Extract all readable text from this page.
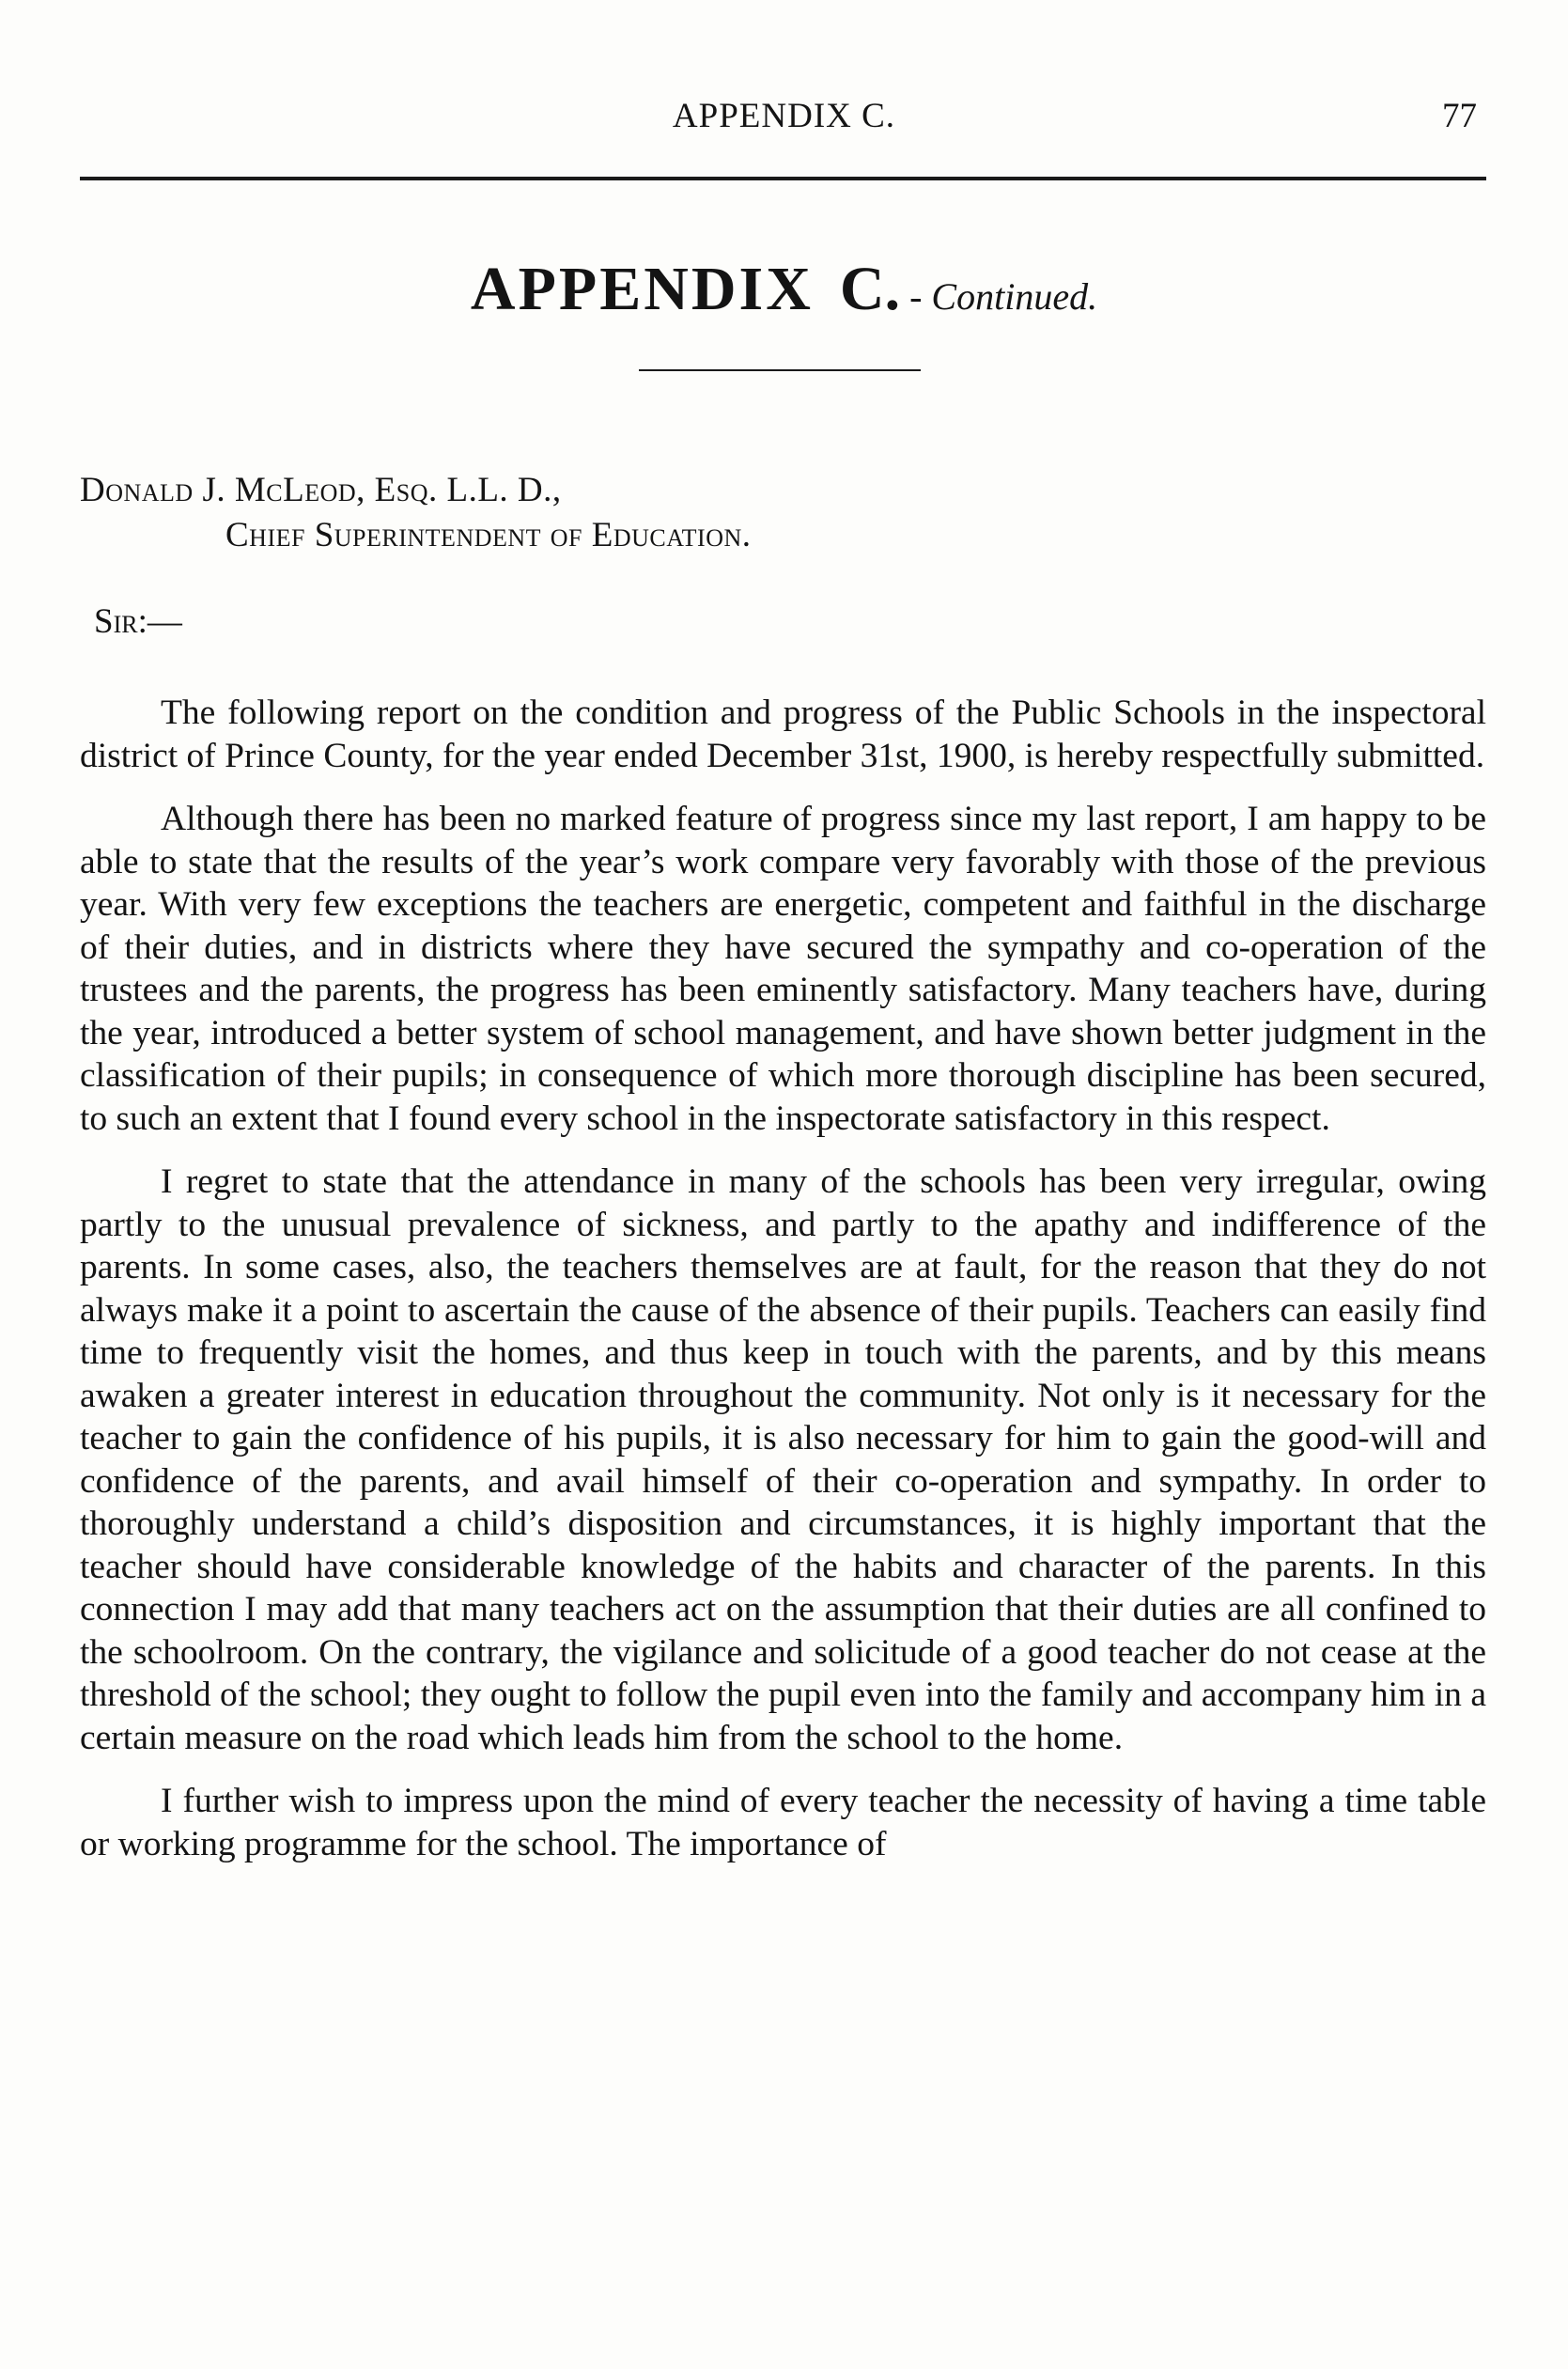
APPENDIX C.	77
APPENDIX C. - Continued.
Donald J. McLeod, Esq. L.L. D.,
Chief Superintendent of Education.
Sir:—

The following report on the condition and progress of the Public Schools in the inspectoral district of Prince County, for the year ended December 31st, 1900, is hereby respectfully submitted.

Although there has been no marked feature of progress since my last report, I am happy to be able to state that the results of the year’s work compare very favorably with those of the previous year. With very few exceptions the teachers are energetic, competent and faithful in the discharge of their duties, and in districts where they have secured the sympathy and co-operation of the trustees and the parents, the progress has been eminently satisfactory. Many teachers have, during the year, introduced a better system of school management, and have shown better judgment in the classification of their pupils; in consequence of which more thorough discipline has been secured, to such an extent that I found every school in the inspectorate satisfactory in this respect.

I regret to state that the attendance in many of the schools has been very irregular, owing partly to the unusual prevalence of sickness, and partly to the apathy and indifference of the parents. In some cases, also, the teachers themselves are at fault, for the reason that they do not always make it a point to ascertain the cause of the absence of their pupils. Teachers can easily find time to frequently visit the homes, and thus keep in touch with the parents, and by this means awaken a greater interest in education throughout the community. Not only is it necessary for the teacher to gain the confidence of his pupils, it is also necessary for him to gain the good-will and confidence of the parents, and avail himself of their co-operation and sympathy. In order to thoroughly understand a child’s disposition and circumstances, it is highly important that the teacher should have considerable knowledge of the habits and character of the parents. In this connection I may add that many teachers act on the assumption that their duties are all confined to the schoolroom. On the contrary, the vigilance and solicitude of a good teacher do not cease at the threshold of the school; they ought to follow the pupil even into the family and accompany him in a certain measure on the road which leads him from the school to the home.

I further wish to impress upon the mind of every teacher the necessity of having a time table or working programme for the school. The importance of
